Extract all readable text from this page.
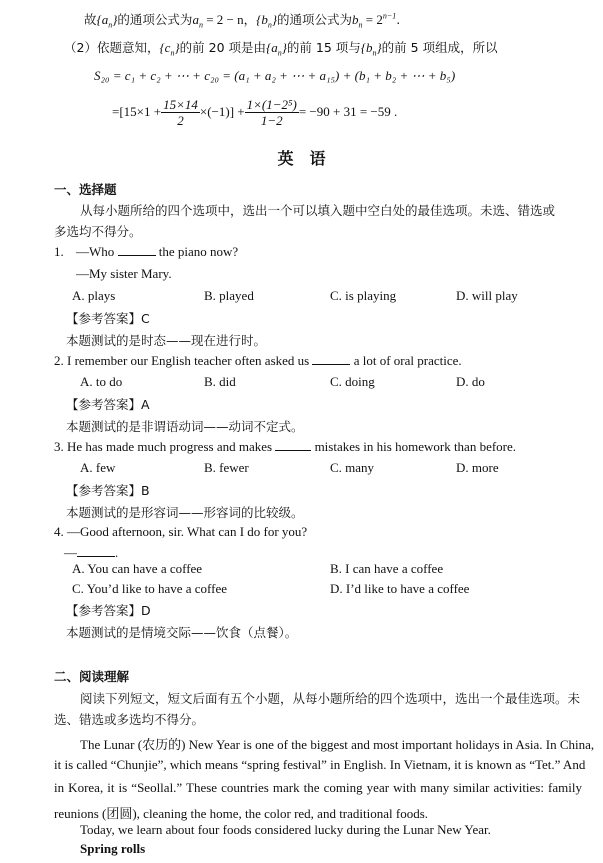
故$\{a_n\}$的通项公式为$a_n = 2 - n$，$\{b_n\}$的通项公式为$b_n = 2^{n-1}$.
（2）依题意知，$\{c_n\}$的前 20 项是由$\{a_n\}$的前 15 项与$\{b_n\}$的前 5 项组成，所以
S₂₀ = c₁ + c₂ + ⋯ + c₂₀ = (a₁ + a₂ + ⋯ + a₁₅) + (b₁ + b₂ + ⋯ + b₅)
= $[15\times 1 + \frac{15\times 14}{2} \times(-1)] + \frac{\text{1×(1−2⁵)}}{1-2} = -90 + 31 = -59$ .
英　语
一、选择题
从每小题所给的四个选项中，选出一个可以填入题中空白处的最佳选项。未选、错选或
多选均不得分。
1. —Who	the piano now?
—My sister Mary.
A. plays	B. played	C. is playing	D. will play
【参考答案】C
本题测试的是时态——现在进行时。
2. I remember our English teacher often asked us	a lot of oral practice.
A. to do	B. did	C. doing	D. do
【参考答案】A
本题测试的是非谓语动词——动词不定式。
3. He has made much progress and makes	mistakes in his homework than before.
A. few	B. fewer	C. many	D. more
【参考答案】B
本题测试的是形容词——形容词的比较级。
4. —Good afternoon, sir. What can I do for you?
—	.
A. You can have a coffee	B. I can have a coffee
C. You’d like to have a coffee	D. I’d like to have a coffee
【参考答案】D
本题测试的是情境交际——饮食（点餐）。
二、阅读理解
阅读下列短文，短文后面有五个小题，从每小题所给的四个选项中，选出一个最佳选项。未
选、错选或多选均不得分。
The Lunar (农历的) New Year is one of the biggest and most important holidays in Asia. In China,
it is called “Chunjie”, which means “spring festival” in English. In Vietnam, it is known as “Tet.” And
in Korea, it is “Seollal.” These countries mark the coming year with many similar activities: family
reunions (团圆), cleaning the home, the color red, and traditional foods.
Today, we learn about four foods considered lucky during the Lunar New Year.
Spring rolls
